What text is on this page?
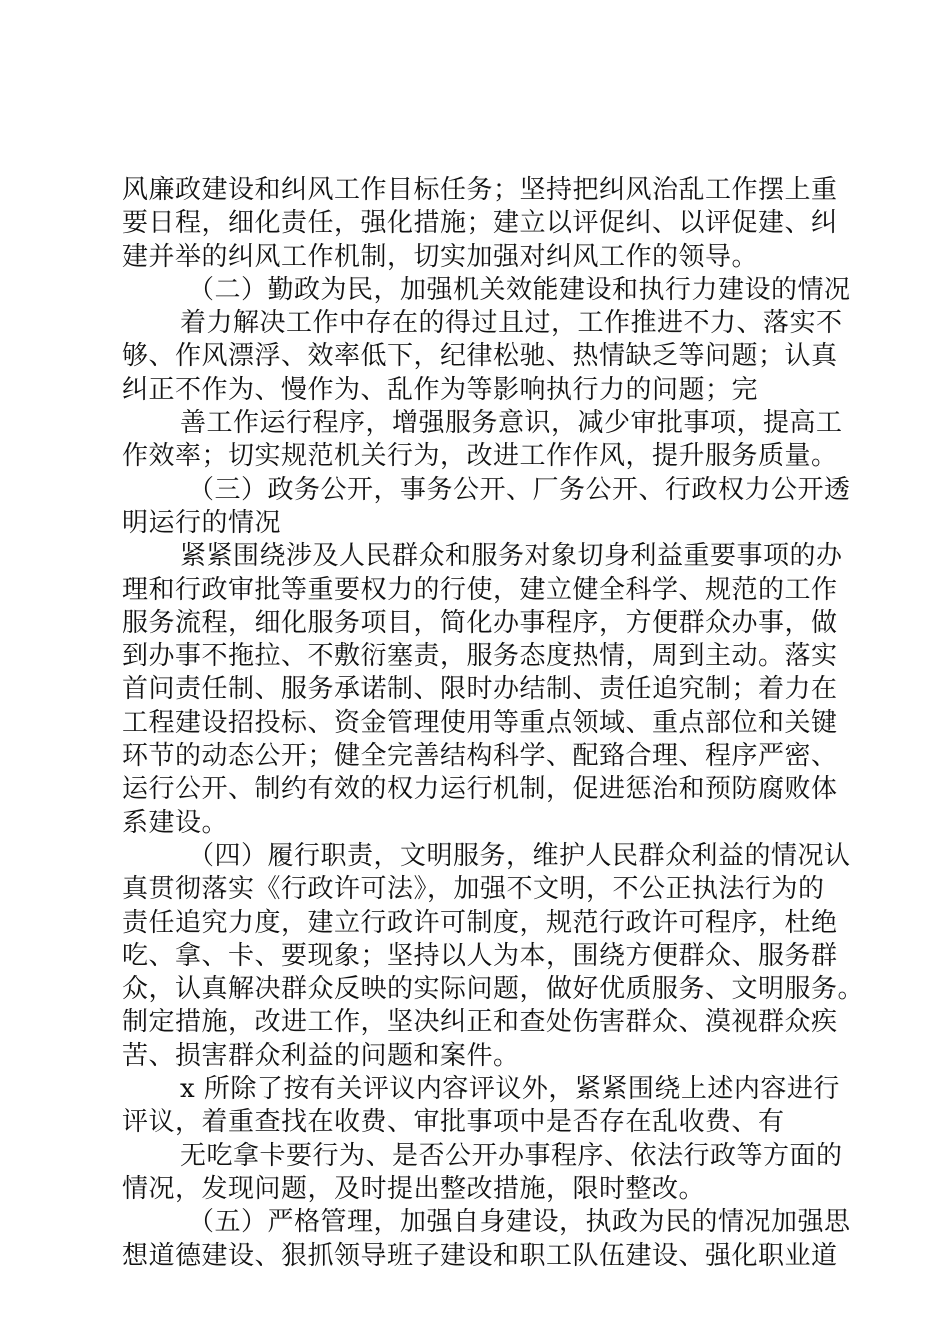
风廉政建设和纠风工作目标任务；坚持把纠风治乱工作摆上重
要日程，细化责任，强化措施；建立以评促纠、以评促建、纠
建并举的纠风工作机制，切实加强对纠风工作的领导。
（二）勤政为民，加强机关效能建设和执行力建设的情况
着力解决工作中存在的得过且过，工作推进不力、落实不
够、作风漂浮、效率低下，纪律松驰、热情缺乏等问题；认真
纠正不作为、慢作为、乱作为等影响执行力的问题；完
善工作运行程序，增强服务意识，减少审批事项，提高工
作效率；切实规范机关行为，改进工作作风，提升服务质量。
（三）政务公开，事务公开、厂务公开、行政权力公开透
明运行的情况
紧紧围绕涉及人民群众和服务对象切身利益重要事项的办
理和行政审批等重要权力的行使，建立健全科学、规范的工作
服务流程，细化服务项目，简化办事程序，方便群众办事，做
到办事不拖拉、不敷衍塞责，服务态度热情，周到主动。落实
首问责任制、服务承诺制、限时办结制、责任追究制；着力在
工程建设招投标、资金管理使用等重点领域、重点部位和关键
环节的动态公开；健全完善结构科学、配臵合理、程序严密、
运行公开、制约有效的权力运行机制，促进惩治和预防腐败体
系建设。
（四）履行职责，文明服务，维护人民群众利益的情况认
真贯彻落实《行政许可法》，加强不文明，不公正执法行为的
责任追究力度，建立行政许可制度，规范行政许可程序，杜绝
吃、拿、卡、要现象；坚持以人为本，围绕方便群众、服务群
众，认真解决群众反映的实际问题，做好优质服务、文明服务。
制定措施，改进工作，坚决纠正和查处伤害群众、漠视群众疾
苦、损害群众利益的问题和案件。
x 所除了按有关评议内容评议外，紧紧围绕上述内容进行
评议，着重查找在收费、审批事项中是否存在乱收费、有
无吃拿卡要行为、是否公开办事程序、依法行政等方面的
情况，发现问题，及时提出整改措施，限时整改。
（五）严格管理，加强自身建设，执政为民的情况加强思
想道德建设、狠抓领导班子建设和职工队伍建设、强化职业道
